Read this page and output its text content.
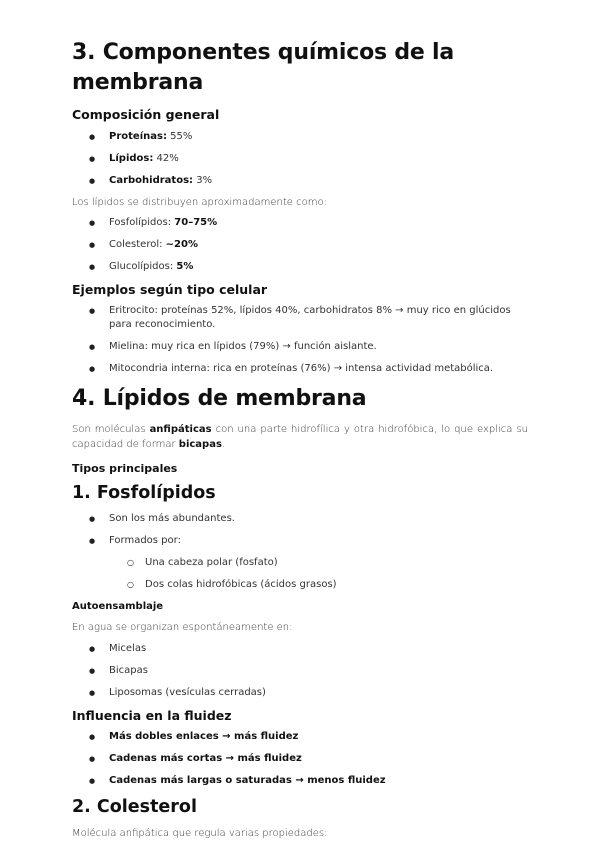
3. Componentes químicos de la membrana
Composición general
● Proteínas: 55%
● Lípidos: 42%
● Carbohidratos: 3%

Los lípidos se distribuyen aproximadamente como:

● Fosfolípidos: 70–75%
● Colesterol: ~20%
● Glucolípidos: 5%
Ejemplos según tipo celular
● Eritrocito: proteínas 52%, lípidos 40%, carbohidratos 8% → muy rico en glúcidos para reconocimiento.
● Mielina: muy rica en lípidos (79%) → función aislante.
● Mitocondria interna: rica en proteínas (76%) → intensa actividad metabólica.
4. Lípidos de membrana

Son moléculas anfipáticas con una parte hidrofílica y otra hidrofóbica, lo que explica su capacidad de formar bicapas.

Tipos principales
1. Fosfolípidos
● Son los más abundantes.
● Formados por:
○ Una cabeza polar (fosfato)
○ Dos colas hidrofóbicas (ácidos grasos)
Autoensamblaje

En agua se organizan espontáneamente en:

● Micelas
● Bicapas
● Liposomas (vesículas cerradas)
Influencia en la fluidez
● Más dobles enlaces → más fluidez
● Cadenas más cortas → más fluidez
● Cadenas más largas o saturadas → menos fluidez
2. Colesterol

Molécula anfipática que regula varias propiedades:
